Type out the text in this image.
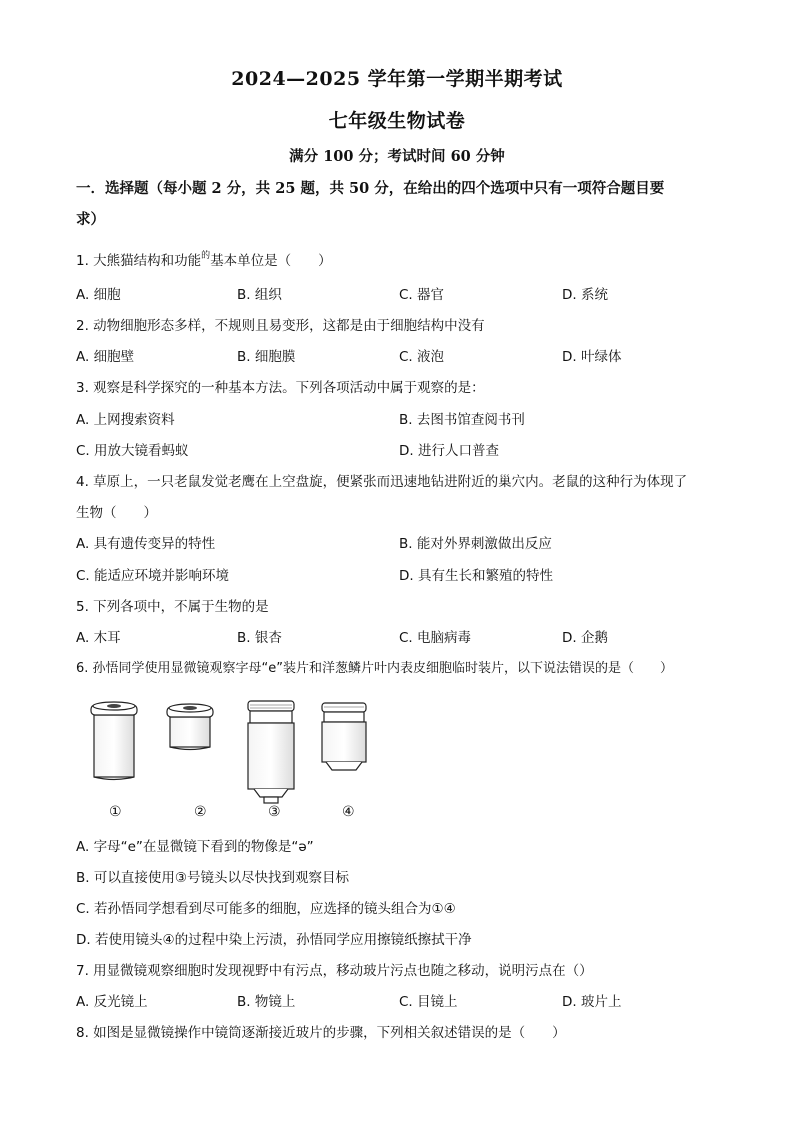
2024—2025 学年第一学期半期考试
七年级生物试卷
满分 100 分；考试时间 60 分钟
一．选择题（每小题 2 分，共 25 题，共 50 分，在给出的四个选项中只有一项符合题目要
求）
1. 大熊猫结构和功能$^的$基本单位是（　　）
A. 细胞	B. 组织	C. 器官	D. 系统
2. 动物细胞形态多样，不规则且易变形，这都是由于细胞结构中没有
A. 细胞壁	B. 细胞膜	C. 液泡	D. 叶绿体
3. 观察是科学探究的一种基本方法。下列各项活动中属于观察的是：
A. 上网搜索资料	B. 去图书馆查阅书刊
C. 用放大镜看蚂蚁	D. 进行人口普查
4. 草原上，一只老鼠发觉老鹰在上空盘旋，便紧张而迅速地钻进附近的巢穴内。老鼠的这种行为体现了
生物（　　）
A. 具有遗传变异的特性	B. 能对外界刺激做出反应
C. 能适应环境并影响环境	D. 具有生长和繁殖的特性
5. 下列各项中，不属于生物的是
A. 木耳	B. 银杏	C. 电脑病毒	D. 企鹅
6. 孙悟同学使用显微镜观察字母“e”装片和洋葱鳞片叶内表皮细胞临时装片，以下说法错误的是（　　）
①	②	③	④
A. 字母“e”在显微镜下看到的物像是“ə”
B. 可以直接使用③号镜头以尽快找到观察目标
C. 若孙悟同学想看到尽可能多的细胞，应选择的镜头组合为①④
D. 若使用镜头④的过程中染上污渍，孙悟同学应用擦镜纸擦拭干净
7. 用显微镜观察细胞时发现视野中有污点，移动玻片污点也随之移动，说明污点在（）
A. 反光镜上	B. 物镜上	C. 目镜上	D. 玻片上
8. 如图是显微镜操作中镜筒逐渐接近玻片的步骤，下列相关叙述错误的是（　　）
